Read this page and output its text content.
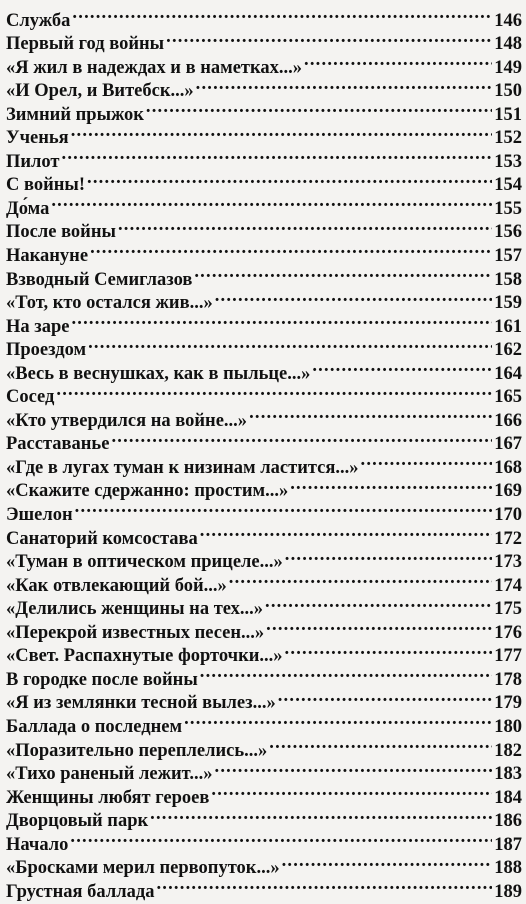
Служба .....	146
Первый год войны .....	148
«Я жил в надеждах и в наметках...» .....	149
«И Орел, и Витебск...» .....	150
Зимний прыжок .....	151
Ученья .....	152
Пилот .....	153
С войны! .....	154
До́ма .....	155
После войны .....	156
Накануне .....	157
Взводный Семиглазов .....	158
«Тот, кто остался жив...» .....	159
На заре .....	161
Проездом .....	162
«Весь в веснушках, как в пыльце...» .....	164
Сосед .....	165
«Кто утвердился на войне...» .....	166
Расставанье .....	167
«Где в лугах туман к низинам ластится...» .....	168
«Скажите сдержанно: простим...» .....	169
Эшелон .....	170
Санаторий комсостава .....	172
«Туман в оптическом прицеле...» .....	173
«Как отвлекающий бой...» .....	174
«Делились женщины на тех...» .....	175
«Перекрой известных песен...» .....	176
«Свет. Распахнутые форточки...» .....	177
В городке после войны .....	178
«Я из землянки тесной вылез...» .....	179
Баллада о последнем .....	180
«Поразительно переплелись...» .....	182
«Тихо раненый лежит...» .....	183
Женщины любят героев .....	184
Дворцовый парк .....	186
Начало .....	187
«Бросками мерил первопуток...» .....	188
Грустная баллада .....	189
